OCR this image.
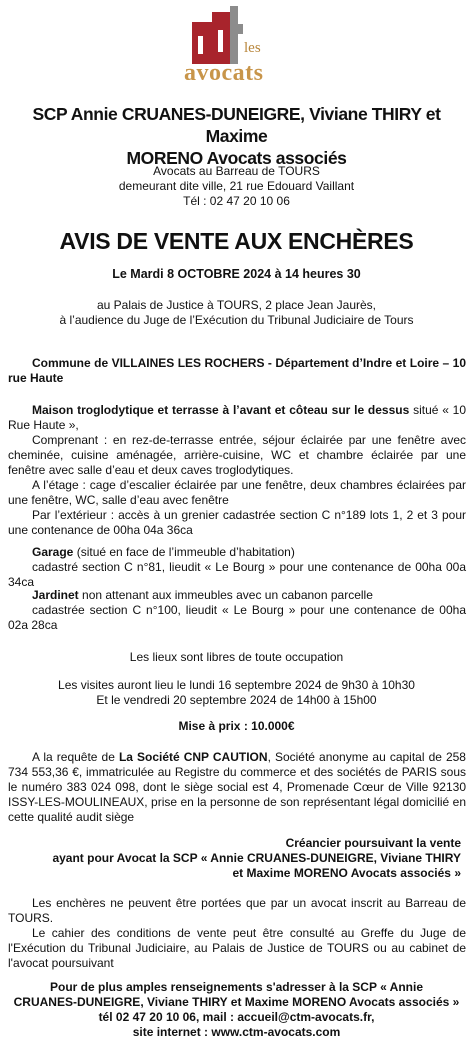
les
avocats
SCP Annie CRUANES-DUNEIGRE, Viviane THIRY et Maxime
MORENO Avocats associés
Avocats au Barreau de TOURS
demeurant dite ville, 21 rue Edouard Vaillant
Tél : 02 47 20 10 06
AVIS DE VENTE AUX ENCHÈRES
Le Mardi 8 OCTOBRE 2024 à 14 heures 30
au Palais de Justice à TOURS, 2 place Jean Jaurès,
à l’audience du Juge de l’Exécution du Tribunal Judiciaire de Tours
Commune de VILLAINES LES ROCHERS - Département d’Indre et Loire – 10 rue Haute
Maison troglodytique et terrasse à l’avant et côteau sur le dessus situé « 10 Rue Haute »,
Comprenant : en rez-de-terrasse entrée, séjour éclairée par une fenêtre avec cheminée, cuisine aménagée, arrière-cuisine, WC et chambre éclairée par une fenêtre avec salle d’eau et deux caves troglodytiques.
A l’étage : cage d’escalier éclairée par une fenêtre, deux chambres éclairées par une fenêtre, WC, salle d’eau avec fenêtre
Par l’extérieur : accès à un grenier cadastrée section C n°189 lots 1, 2 et 3 pour une contenance de 00ha 04a 36ca
Garage (situé en face de l’immeuble d’habitation)
cadastré section C n°81, lieudit « Le Bourg » pour une contenance de 00ha 00a 34ca
Jardinet non attenant aux immeubles avec un cabanon parcelle
cadastrée section C n°100, lieudit « Le Bourg » pour une contenance de 00ha 02a 28ca
Les lieux sont libres de toute occupation
Les visites auront lieu le lundi 16 septembre 2024 de 9h30 à 10h30
Et le vendredi 20 septembre 2024 de 14h00 à 15h00
Mise à prix : 10.000€
A la requête de La Société CNP CAUTION, Société anonyme au capital de 258 734 553,36 €, immatriculée au Registre du commerce et des sociétés de PARIS sous le numéro 383 024 098, dont le siège social est 4, Promenade Cœur de Ville 92130 ISSY-LES-MOULINEAUX, prise en la personne de son représentant légal domicilié en cette qualité audit siège
Créancier poursuivant la vente
ayant pour Avocat la SCP « Annie CRUANES-DUNEIGRE, Viviane THIRY
et Maxime MORENO Avocats associés »
Les enchères ne peuvent être portées que par un avocat inscrit au Barreau de TOURS.
Le cahier des conditions de vente peut être consulté au Greffe du Juge de l'Exécution du Tribunal Judiciaire, au Palais de Justice de TOURS ou au cabinet de l'avocat poursuivant
Pour de plus amples renseignements s'adresser à la SCP « Annie
CRUANES-DUNEIGRE, Viviane THIRY et Maxime MORENO Avocats associés »
tél 02 47 20 10 06, mail : accueil@ctm-avocats.fr,
site internet : www.ctm-avocats.com
